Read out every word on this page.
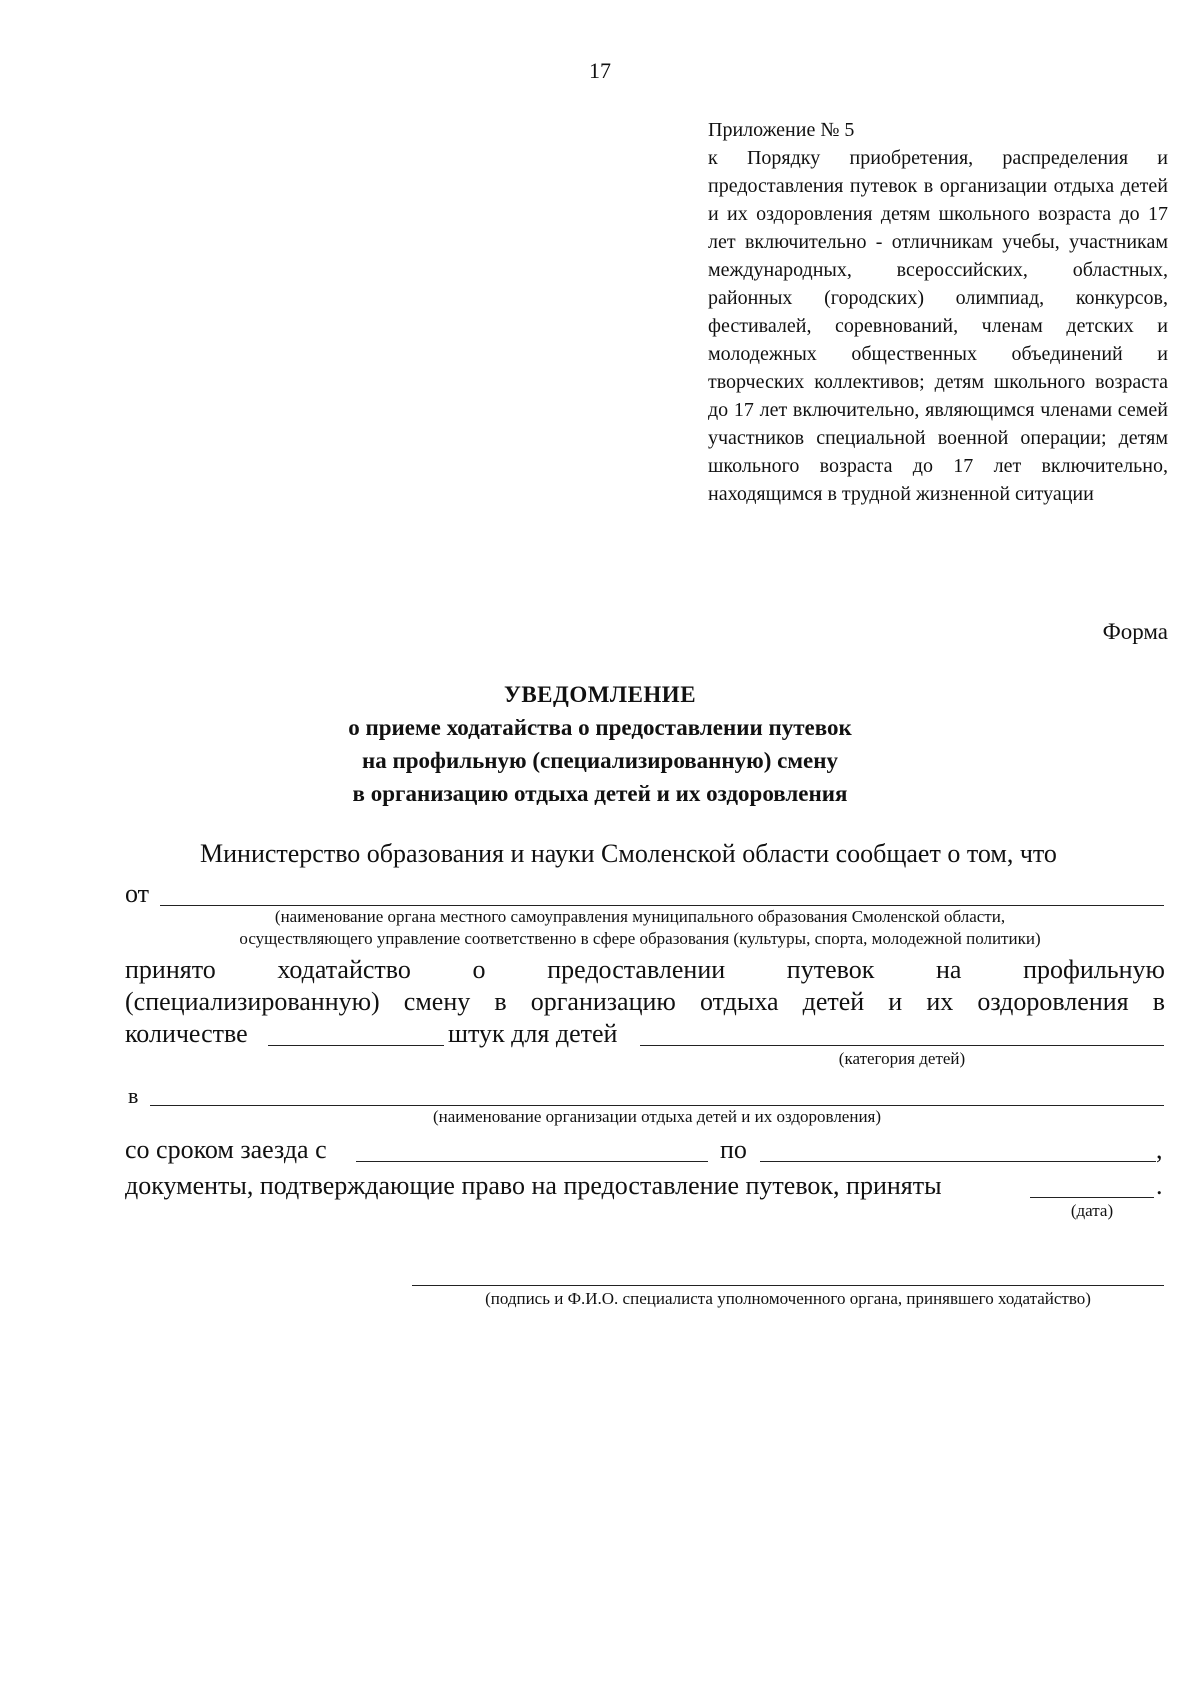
17
Приложение № 5
к Порядку приобретения, распределения и предоставления путевок в организации отдыха детей и их оздоровления детям школьного возраста до 17 лет включительно - отличникам учебы, участникам международных, всероссийских, областных, районных (городских) олимпиад, конкурсов, фестивалей, соревнований, членам детских и молодежных общественных объединений и творческих коллективов; детям школьного возраста до 17 лет включительно, являющимся членами семей участников специальной военной операции; детям школьного возраста до 17 лет включительно, находящимся в трудной жизненной ситуации
Форма
УВЕДОМЛЕНИЕ
о приеме ходатайства о предоставлении путевок
на профильную (специализированную) смену
в организацию отдыха детей и их оздоровления
Министерство образования и науки Смоленской области сообщает о том, что
от
(наименование органа местного самоуправления муниципального образования Смоленской области,
осуществляющего управление соответственно в сфере образования (культуры, спорта, молодежной политики)
принято ходатайство о предоставлении путевок на профильную
(специализированную) смену в организацию отдыха детей и их оздоровления в
количестве	штук для детей
(категория детей)
в
(наименование организации отдыха детей и их оздоровления)
со сроком заезда с	по	,
документы, подтверждающие право на предоставление путевок, приняты	.
(дата)
(подпись и Ф.И.О. специалиста уполномоченного органа, принявшего ходатайство)
